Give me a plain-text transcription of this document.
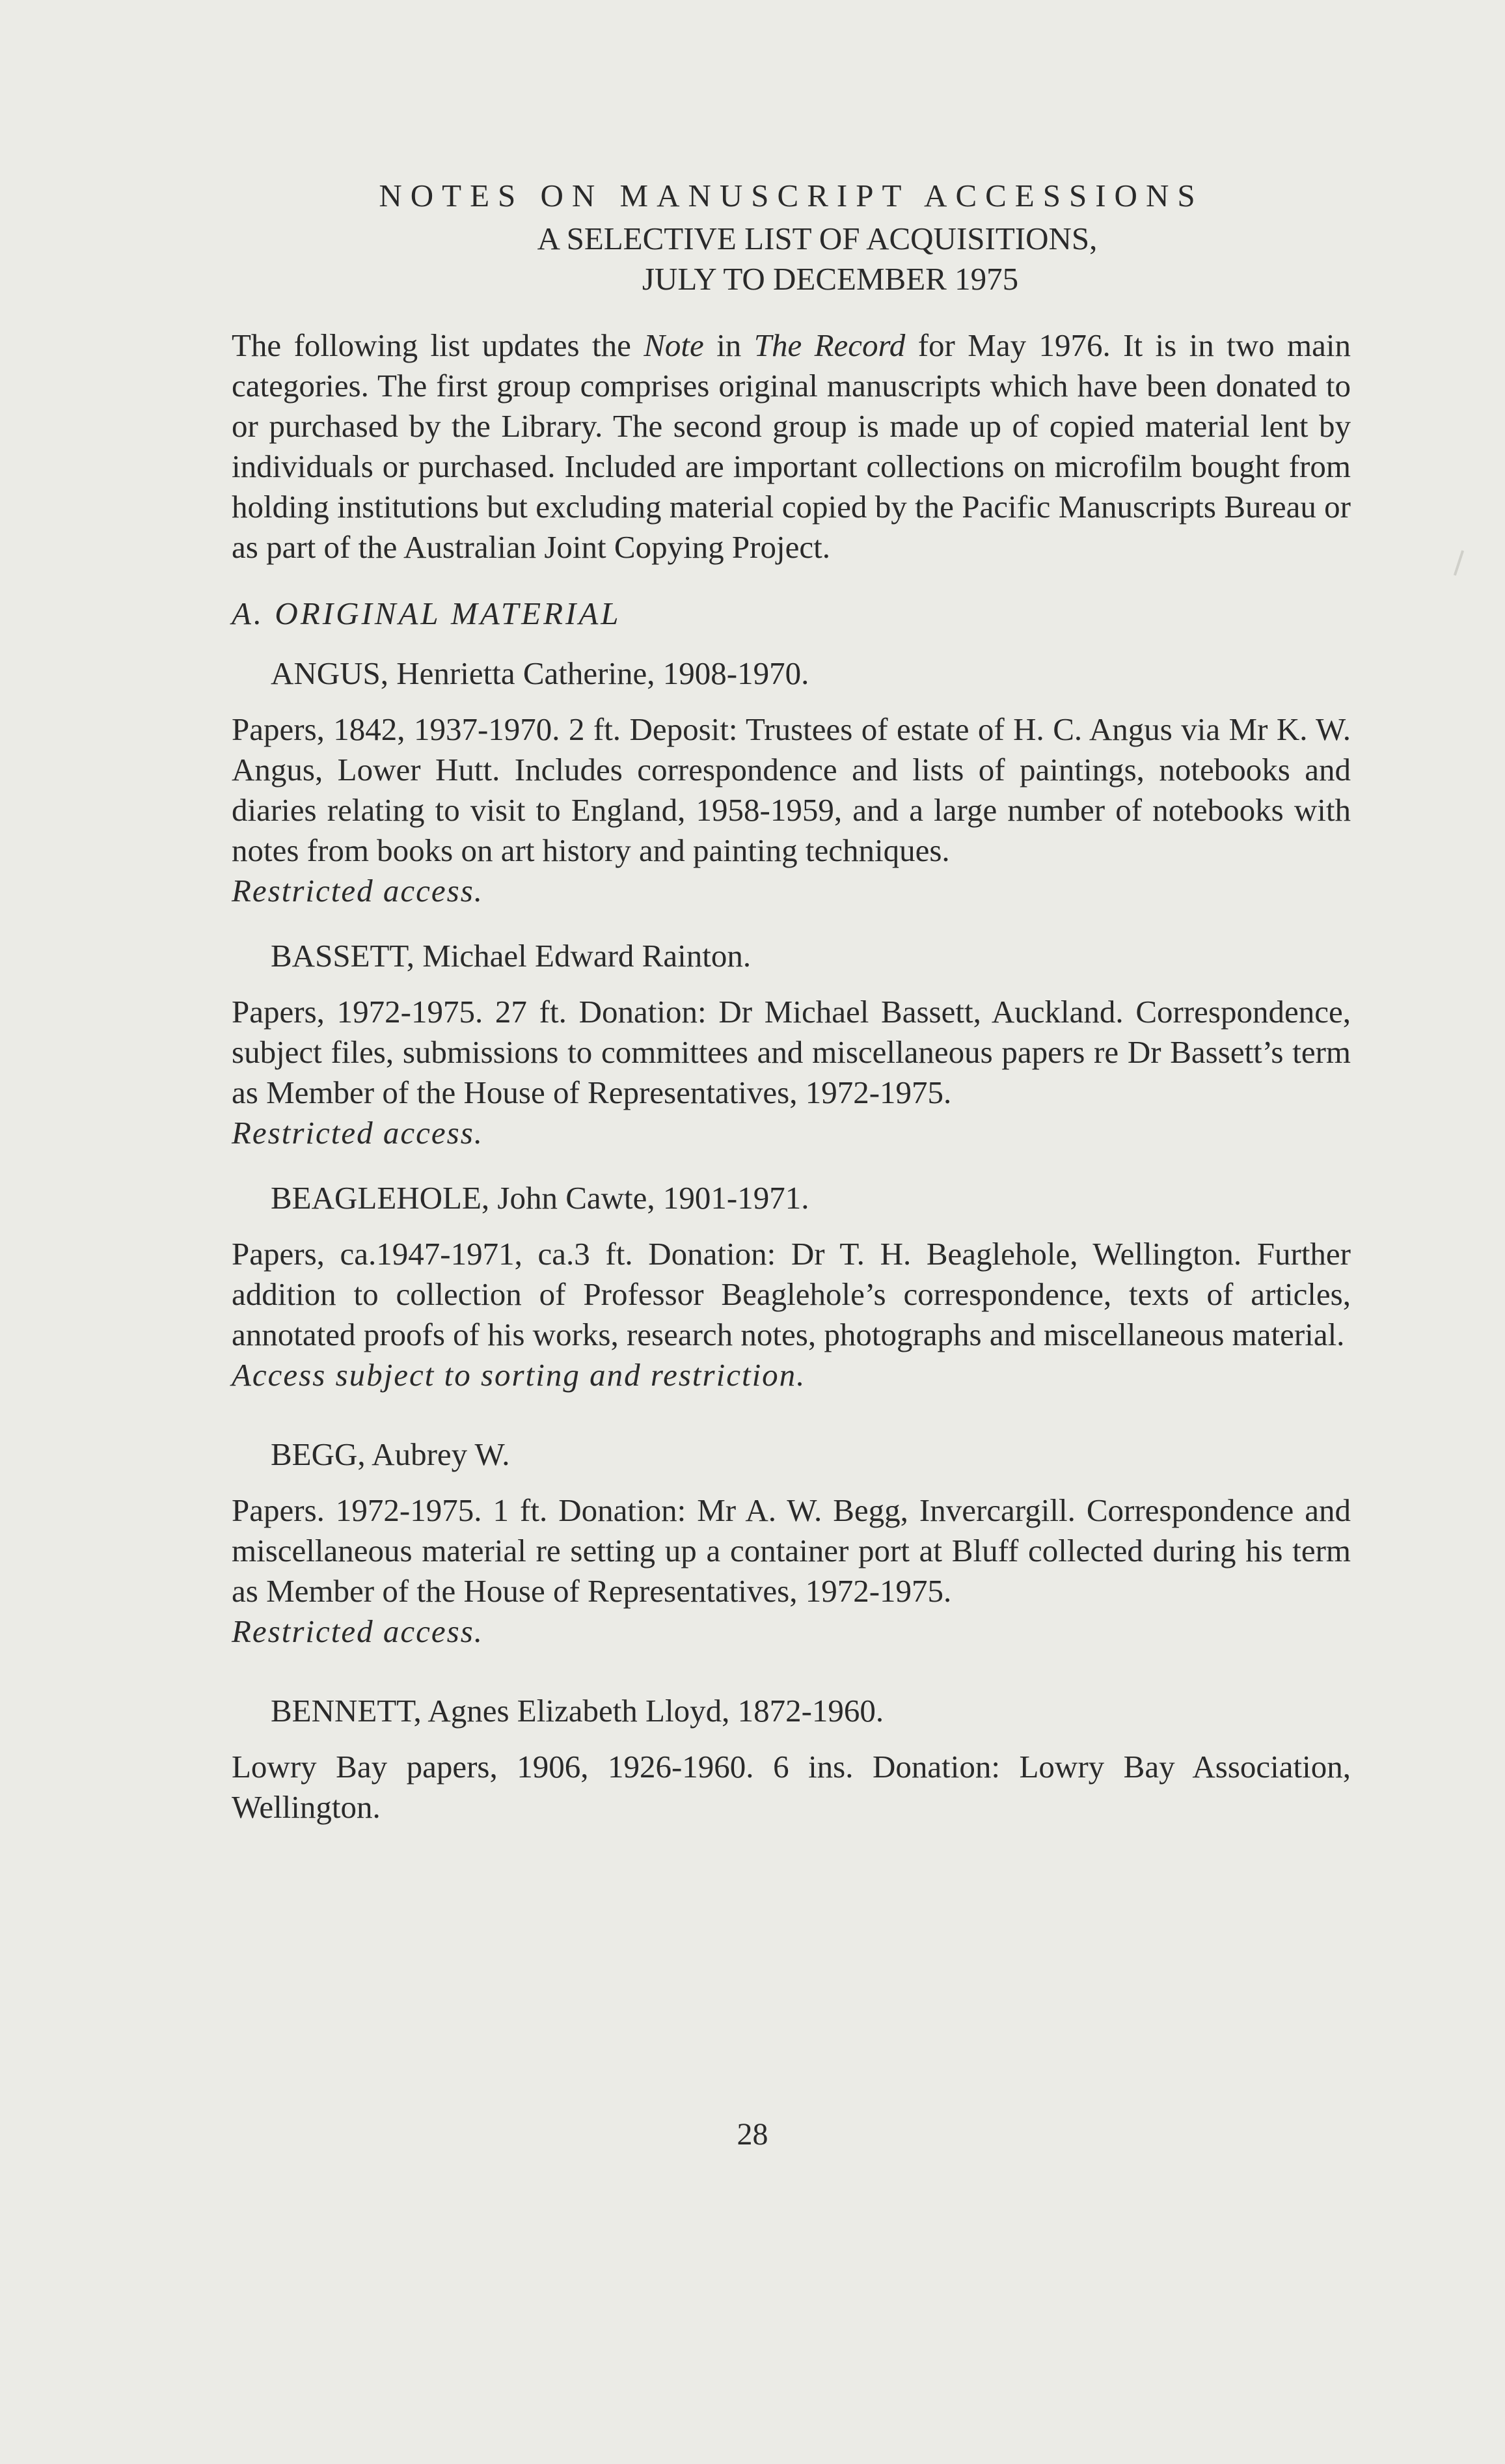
NOTES ON MANUSCRIPT ACCESSIONS

A SELECTIVE LIST OF ACQUISITIONS,

JULY TO DECEMBER 1975

The following list updates the Note in The Record for May 1976. It is in two main categories. The first group comprises original manuscripts which have been donated to or purchased by the Library. The second group is made up of copied material lent by individuals or purchased. Included are important collections on microfilm bought from holding institutions but excluding material copied by the Pacific Manuscripts Bureau or as part of the Australian Joint Copying Project.

A. ORIGINAL MATERIAL

ANGUS, Henrietta Catherine, 1908-1970.

Papers, 1842, 1937-1970. 2 ft. Deposit: Trustees of estate of H. C. Angus via Mr K. W. Angus, Lower Hutt. Includes correspondence and lists of paintings, notebooks and diaries relating to visit to England, 1958-1959, and a large number of notebooks with notes from books on art history and painting techniques.

Restricted access.

BASSETT, Michael Edward Rainton.

Papers, 1972-1975. 27 ft. Donation: Dr Michael Bassett, Auckland. Correspondence, subject files, submissions to committees and miscellaneous papers re Dr Bassett’s term as Member of the House of Representatives, 1972-1975.

Restricted access.

BEAGLEHOLE, John Cawte, 1901-1971.

Papers, ca.1947-1971, ca.3 ft. Donation: Dr T. H. Beaglehole, Wellington. Further addition to collection of Professor Beaglehole’s correspondence, texts of articles, annotated proofs of his works, research notes, photographs and miscellaneous material.

Access subject to sorting and restriction.

BEGG, Aubrey W.

Papers. 1972-1975. 1 ft. Donation: Mr A. W. Begg, Invercargill. Correspondence and miscellaneous material re setting up a container port at Bluff collected during his term as Member of the House of Representatives, 1972-1975.

Restricted access.

BENNETT, Agnes Elizabeth Lloyd, 1872-1960.

Lowry Bay papers, 1906, 1926-1960. 6 ins. Donation: Lowry Bay Association, Wellington.

28
